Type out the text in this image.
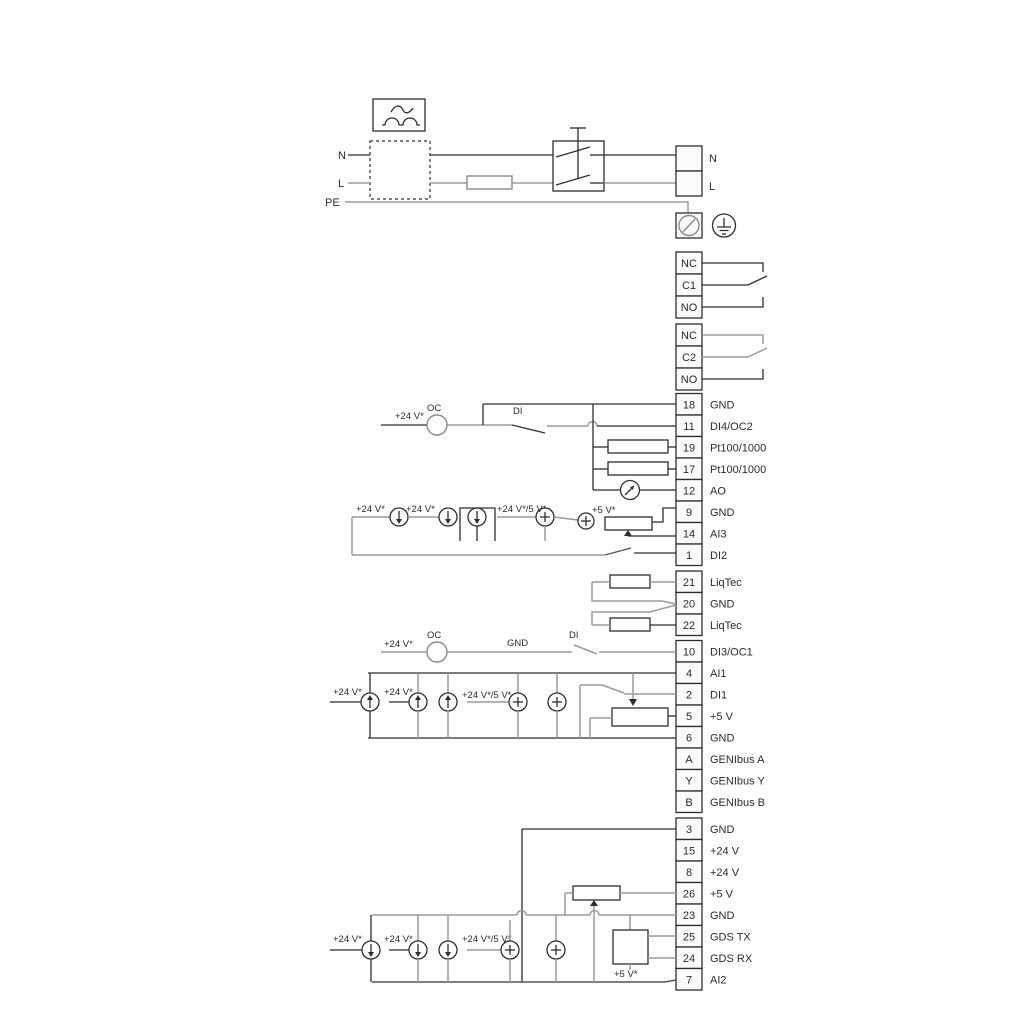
N
L
PE
N
L
NC
C1
NO
NC
C2
NO
18 GND
11 DI4/OC2
19 Pt100/1000
17 Pt100/1000
12 AO
9 GND
14 AI3
1 DI2
21 LiqTec
20 GND
22 LiqTec
10 DI3/OC1
4 AI1
2 DI1
5 +5 V
6 GND
A GENIbus A
Y GENIbus Y
B GENIbus B
3 GND
15 +24 V
8 +24 V
26 +5 V
23 GND
25 GDS TX
24 GDS RX
7 AI2
+24 V*
OC	DI
+24 V* +24 V*	+24 V*/5 V*	+5 V*
+24 V*
OC
GND
DI
+24 V* +24 V*	+24 V*/5 V*
+24 V* +24 V*	+24 V*/5 V*
+5 V*
